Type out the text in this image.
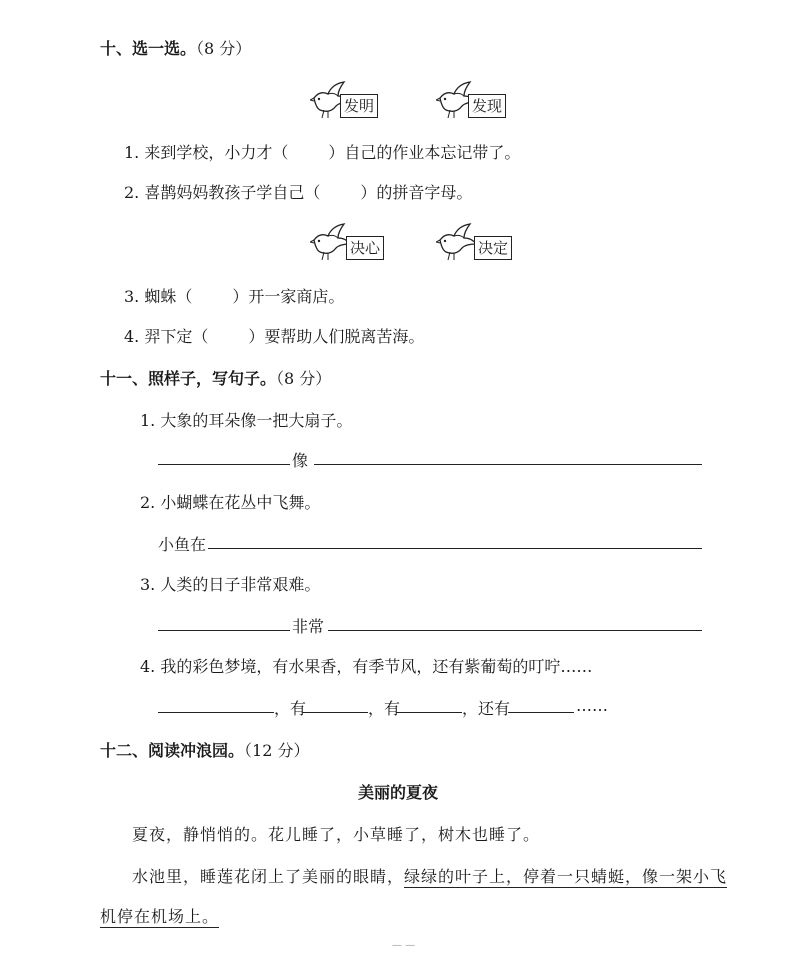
十、选一选。（8 分）
发明	发现
1. 来到学校，小力才（	）自己的作业本忘记带了。
2. 喜鹊妈妈教孩子学自己（	）的拼音字母。
决心	决定
3. 蜘蛛（	）开一家商店。
4. 羿下定（	）要帮助人们脱离苦海。
十一、照样子，写句子。（8 分）
1. 大象的耳朵像一把大扇子。
像
2. 小蝴蝶在花丛中飞舞。
小鱼在
3. 人类的日子非常艰难。
非常
4. 我的彩色梦境，有水果香，有季节风，还有紫葡萄的叮咛……
，有	，有	，还有	……
十二、阅读冲浪园。（12 分）
美丽的夏夜
夏夜，静悄悄的。花儿睡了，小草睡了，树木也睡了。
水池里，睡莲花闭上了美丽的眼睛，绿绿的叶子上，停着一只蜻蜓，像一架小飞
机停在机场上。
— —
